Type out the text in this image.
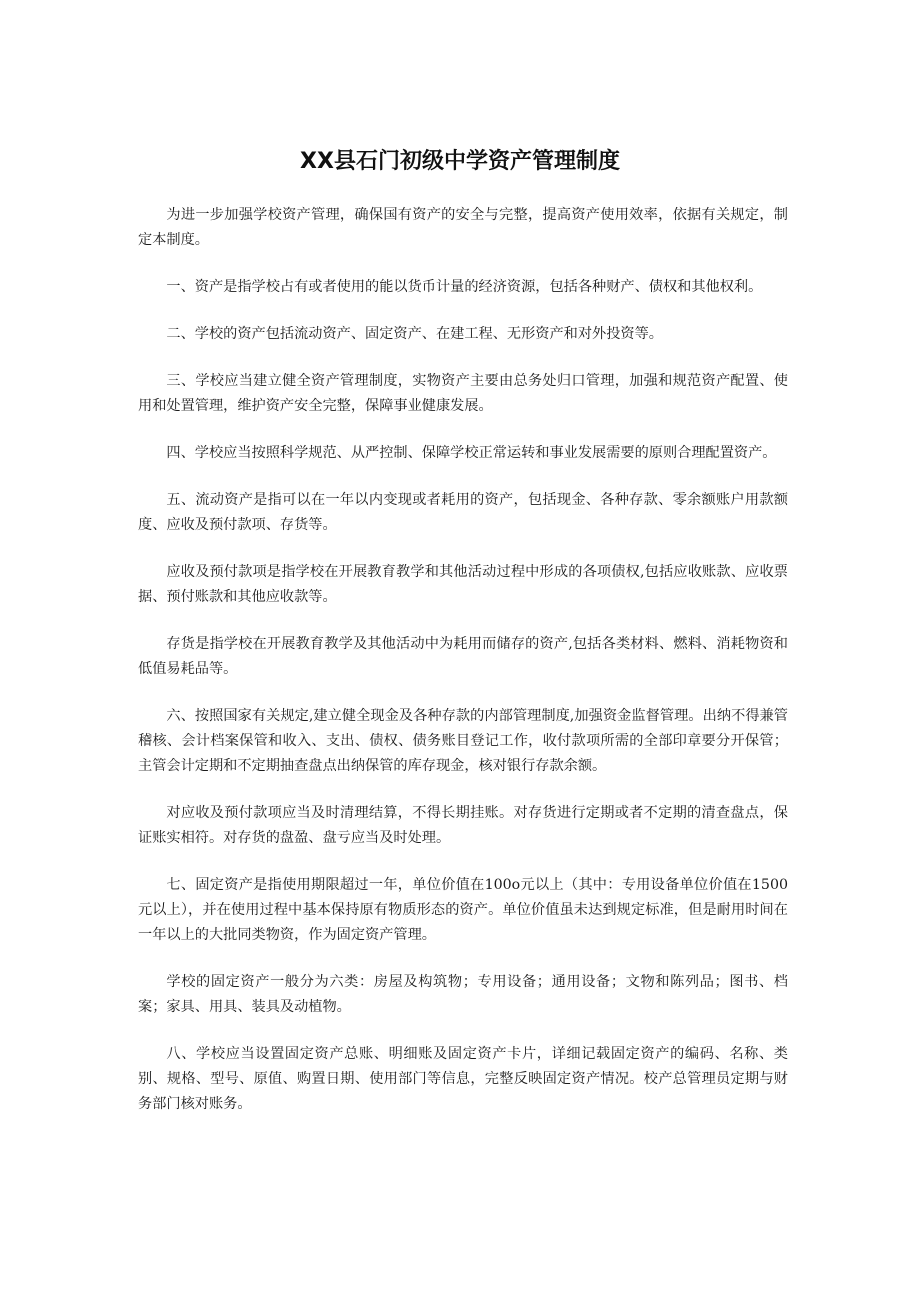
XX县石门初级中学资产管理制度

为进一步加强学校资产管理，确保国有资产的安全与完整，提高资产使用效率，依据有关规定，制定本制度。

一、资产是指学校占有或者使用的能以货币计量的经济资源，包括各种财产、债权和其他权利。

二、学校的资产包括流动资产、固定资产、在建工程、无形资产和对外投资等。

三、学校应当建立健全资产管理制度，实物资产主要由总务处归口管理，加强和规范资产配置、使用和处置管理，维护资产安全完整，保障事业健康发展。

四、学校应当按照科学规范、从严控制、保障学校正常运转和事业发展需要的原则合理配置资产。

五、流动资产是指可以在一年以内变现或者耗用的资产，包括现金、各种存款、零余额账户用款额度、应收及预付款项、存货等。

应收及预付款项是指学校在开展教育教学和其他活动过程中形成的各项债权,包括应收账款、应收票据、预付账款和其他应收款等。

存货是指学校在开展教育教学及其他活动中为耗用而储存的资产,包括各类材料、燃料、消耗物资和低值易耗品等。

六、按照国家有关规定,建立健全现金及各种存款的内部管理制度,加强资金监督管理。出纳不得兼管稽核、会计档案保管和收入、支出、债权、债务账目登记工作，收付款项所需的全部印章要分开保管；主管会计定期和不定期抽查盘点出纳保管的库存现金，核对银行存款余额。

对应收及预付款项应当及时清理结算，不得长期挂账。对存货进行定期或者不定期的清查盘点，保证账实相符。对存货的盘盈、盘亏应当及时处理。

七、固定资产是指使用期限超过一年，单位价值在100o元以上（其中：专用设备单位价值在1500元以上），并在使用过程中基本保持原有物质形态的资产。单位价值虽未达到规定标准，但是耐用时间在一年以上的大批同类物资，作为固定资产管理。

学校的固定资产一般分为六类：房屋及构筑物；专用设备；通用设备；文物和陈列品；图书、档案；家具、用具、装具及动植物。

八、学校应当设置固定资产总账、明细账及固定资产卡片，详细记载固定资产的编码、名称、类别、规格、型号、原值、购置日期、使用部门等信息，完整反映固定资产情况。校产总管理员定期与财务部门核对账务。
